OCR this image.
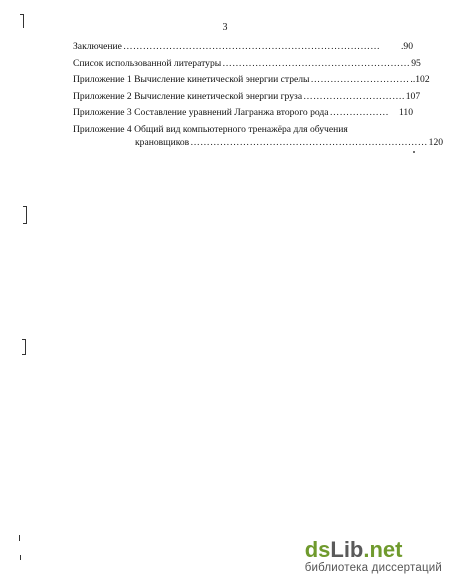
3
Заключение ……………………………………………………………………	.90
Список использованной литературы ………………………………………………… 95
Приложение 1 Вычисление кинетической энергии стрелы ………………………… ..102
Приложение 2 Вычисление кинетической энергии груза …………………………. 107
Приложение 3 Составление уравнений Лагранжа второго рода ………………	110
Приложение 4 Общий вид компьютерного тренажёра для обучения
крановщиков ……………………………………………………………… 120
dsLib.net
библиотека диссертаций
